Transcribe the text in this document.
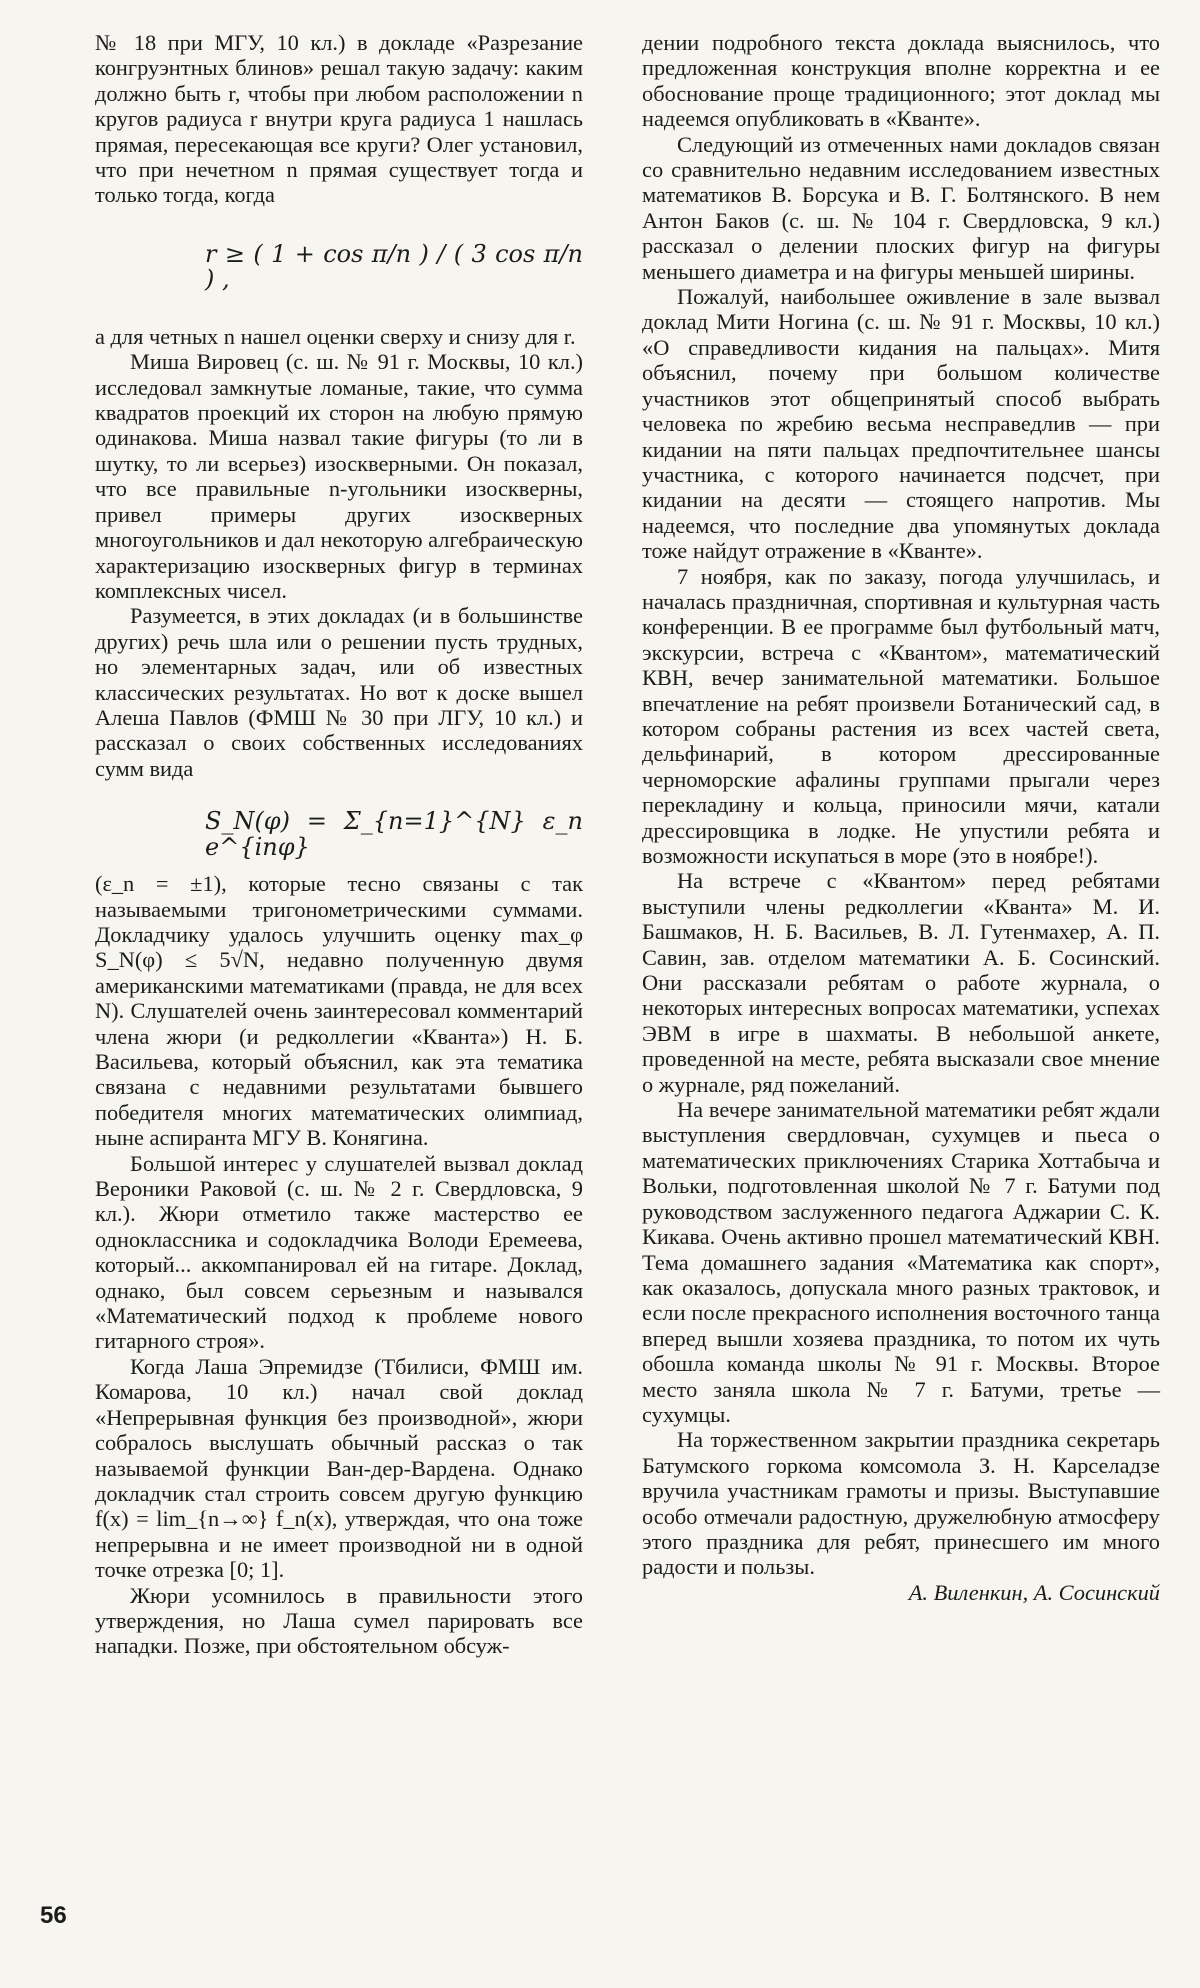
№ 18 при МГУ, 10 кл.) в докладе «Разрезание конгруэнтных блинов» решал такую задачу: каким должно быть r, чтобы при любом расположении n кругов радиуса r внутри круга радиуса 1 нашлась прямая, пересекающая все круги? Олег установил, что при нечетном n прямая существует тогда и только тогда, когда

r ≥ ( 1 + cos π/n ) / ( 3 cos π/n ) ,

а для четных n нашел оценки сверху и снизу для r.

Миша Вировец (с. ш. № 91 г. Москвы, 10 кл.) исследовал замкнутые ломаные, такие, что сумма квадратов проекций их сторон на любую прямую одинакова. Миша назвал такие фигуры (то ли в шутку, то ли всерьез) изоскверными. Он показал, что все правильные n-угольники изоскверны, привел примеры других изоскверных многоугольников и дал некоторую алгебраическую характеризацию изоскверных фигур в терминах комплексных чисел.

Разумеется, в этих докладах (и в большинстве других) речь шла или о решении пусть трудных, но элементарных задач, или об известных классических результатах. Но вот к доске вышел Алеша Павлов (ФМШ № 30 при ЛГУ, 10 кл.) и рассказал о своих собственных исследованиях сумм вида

S_N(φ) = Σ_{n=1}^{N} ε_n e^{inφ}

(ε_n = ±1), которые тесно связаны с так называемыми тригонометрическими суммами. Докладчику удалось улучшить оценку max_φ S_N(φ) ≤ 5√N, недавно полученную двумя американскими математиками (правда, не для всех N). Слушателей очень заинтересовал комментарий члена жюри (и редколлегии «Кванта») Н. Б. Васильева, который объяснил, как эта тематика связана с недавними результатами бывшего победителя многих математических олимпиад, ныне аспиранта МГУ В. Конягина.

Большой интерес у слушателей вызвал доклад Вероники Раковой (с. ш. № 2 г. Свердловска, 9 кл.). Жюри отметило также мастерство ее одноклассника и содокладчика Володи Еремеева, который... аккомпанировал ей на гитаре. Доклад, однако, был совсем серьезным и назывался «Математический подход к проблеме нового гитарного строя».

Когда Лаша Эпремидзе (Тбилиси, ФМШ им. Комарова, 10 кл.) начал свой доклад «Непрерывная функция без производной», жюри собралось выслушать обычный рассказ о так называемой функции Ван-дер-Вардена. Однако докладчик стал строить совсем другую функцию f(x) = lim_{n→∞} f_n(x), утверждая, что она тоже непрерывна и не имеет производной ни в одной точке отрезка [0; 1].

Жюри усомнилось в правильности этого утверждения, но Лаша сумел парировать все нападки. Позже, при обстоятельном обсуж-

дении подробного текста доклада выяснилось, что предложенная конструкция вполне корректна и ее обоснование проще традиционного; этот доклад мы надеемся опубликовать в «Кванте».

Следующий из отмеченных нами докладов связан со сравнительно недавним исследованием известных математиков В. Борсука и В. Г. Болтянского. В нем Антон Баков (с. ш. № 104 г. Свердловска, 9 кл.) рассказал о делении плоских фигур на фигуры меньшего диаметра и на фигуры меньшей ширины.

Пожалуй, наибольшее оживление в зале вызвал доклад Мити Ногина (с. ш. № 91 г. Москвы, 10 кл.) «О справедливости кидания на пальцах». Митя объяснил, почему при большом количестве участников этот общепринятый способ выбрать человека по жребию весьма несправедлив — при кидании на пяти пальцах предпочтительнее шансы участника, с которого начинается подсчет, при кидании на десяти — стоящего напротив. Мы надеемся, что последние два упомянутых доклада тоже найдут отражение в «Кванте».

7 ноября, как по заказу, погода улучшилась, и началась праздничная, спортивная и культурная часть конференции. В ее программе был футбольный матч, экскурсии, встреча с «Квантом», математический КВН, вечер занимательной математики. Большое впечатление на ребят произвели Ботанический сад, в котором собраны растения из всех частей света, дельфинарий, в котором дрессированные черноморские афалины группами прыгали через перекладину и кольца, приносили мячи, катали дрессировщика в лодке. Не упустили ребята и возможности искупаться в море (это в ноябре!).

На встрече с «Квантом» перед ребятами выступили члены редколлегии «Кванта» М. И. Башмаков, Н. Б. Васильев, В. Л. Гутенмахер, А. П. Савин, зав. отделом математики А. Б. Сосинский. Они рассказали ребятам о работе журнала, о некоторых интересных вопросах математики, успехах ЭВМ в игре в шахматы. В небольшой анкете, проведенной на месте, ребята высказали свое мнение о журнале, ряд пожеланий.

На вечере занимательной математики ребят ждали выступления свердловчан, сухумцев и пьеса о математических приключениях Старика Хоттабыча и Вольки, подготовленная школой № 7 г. Батуми под руководством заслуженного педагога Аджарии С. К. Кикава. Очень активно прошел математический КВН. Тема домашнего задания «Математика как спорт», как оказалось, допускала много разных трактовок, и если после прекрасного исполнения восточного танца вперед вышли хозяева праздника, то потом их чуть обошла команда школы № 91 г. Москвы. Второе место заняла школа № 7 г. Батуми, третье — сухумцы.

На торжественном закрытии праздника секретарь Батумского горкома комсомола З. Н. Карселадзе вручила участникам грамоты и призы. Выступавшие особо отмечали радостную, дружелюбную атмосферу этого праздника для ребят, принесшего им много радости и пользы.

А. Виленкин, А. Сосинский

56
